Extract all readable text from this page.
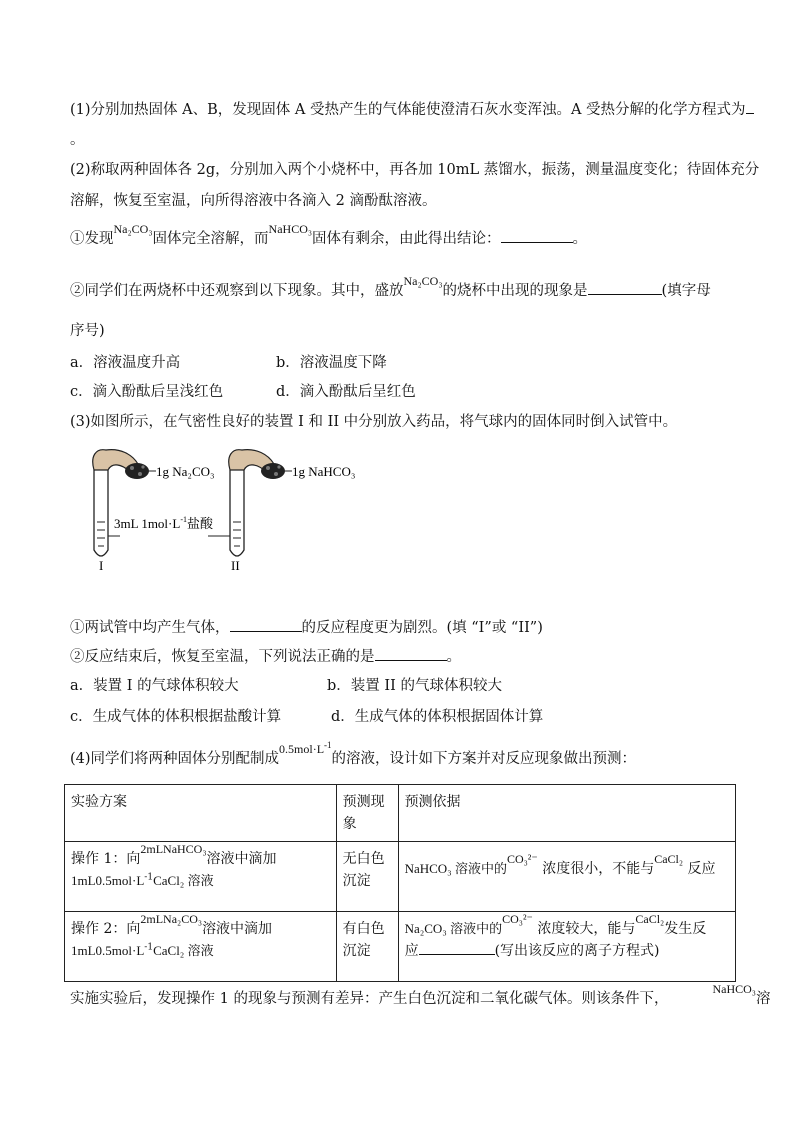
(1)分别加热固体 A、B，发现固体 A 受热产生的气体能使澄清石灰水变浑浊。A 受热分解的化学方程式为
。
(2)称取两种固体各 2g，分别加入两个小烧杯中，再各加 10mL 蒸馏水，振荡，测量温度变化；待固体充分
溶解，恢复至室温，向所得溶液中各滴入 2 滴酚酞溶液。
①发现$^{Na_2CO_3}$固体完全溶解，而$^{NaHCO_3}$固体有剩余，由此得出结论：	。
②同学们在两烧杯中还观察到以下现象。其中，盛放$^{Na_2CO_3}$的烧杯中出现的现象是	(填字母
序号)
a．溶液温度升高	b．溶液温度下降
c．滴入酚酞后呈浅红色	d．滴入酚酞后呈红色
(3)如图所示，在气密性良好的装置 I 和 II 中分别放入药品，将气球内的固体同时倒入试管中。
1g Na₂CO₃	1g NaHCO₃
3mL $1mol\cdot L^{-1}$盐酸
I	II
①两试管中均产生气体，	的反应程度更为剧烈。(填 “I”或 “II”)
②反应结束后，恢复至室温，下列说法正确的是	。
a．装置 I 的气球体积较大	b．装置 II 的气球体积较大
c．生成气体的体积根据盐酸计算	d．生成气体的体积根据固体计算
(4)同学们将两种固体分别配制成$^{0.5mol\cdot L^{-1}}$的溶液，设计如下方案并对反应现象做出预测：
实验方案	预测现象	预测依据
操作 1：向2mLNaHCO₃溶液中滴加
$1mL0.5mol\cdot L^{-1}CaCl_2$ 溶液	无白色沉淀	NaHCO₃ 溶液中的CO₃²⁻ 浓度很小，不能与CaCl₂ 反应
操作 2：向2mLNa₂CO₃溶液中滴加
$1mL0.5mol\cdot L^{-1}CaCl_2$ 溶液	有白色沉淀	Na₂CO₃ 溶液中的CO₃²⁻ 浓度较大，能与CaCl₂发生反
应 (写出该反应的离子方程式)
实施实验后，发现操作 1 的现象与预测有差异：产生白色沉淀和二氧化碳气体。则该条件下，$^{NaHCO_3}$溶
